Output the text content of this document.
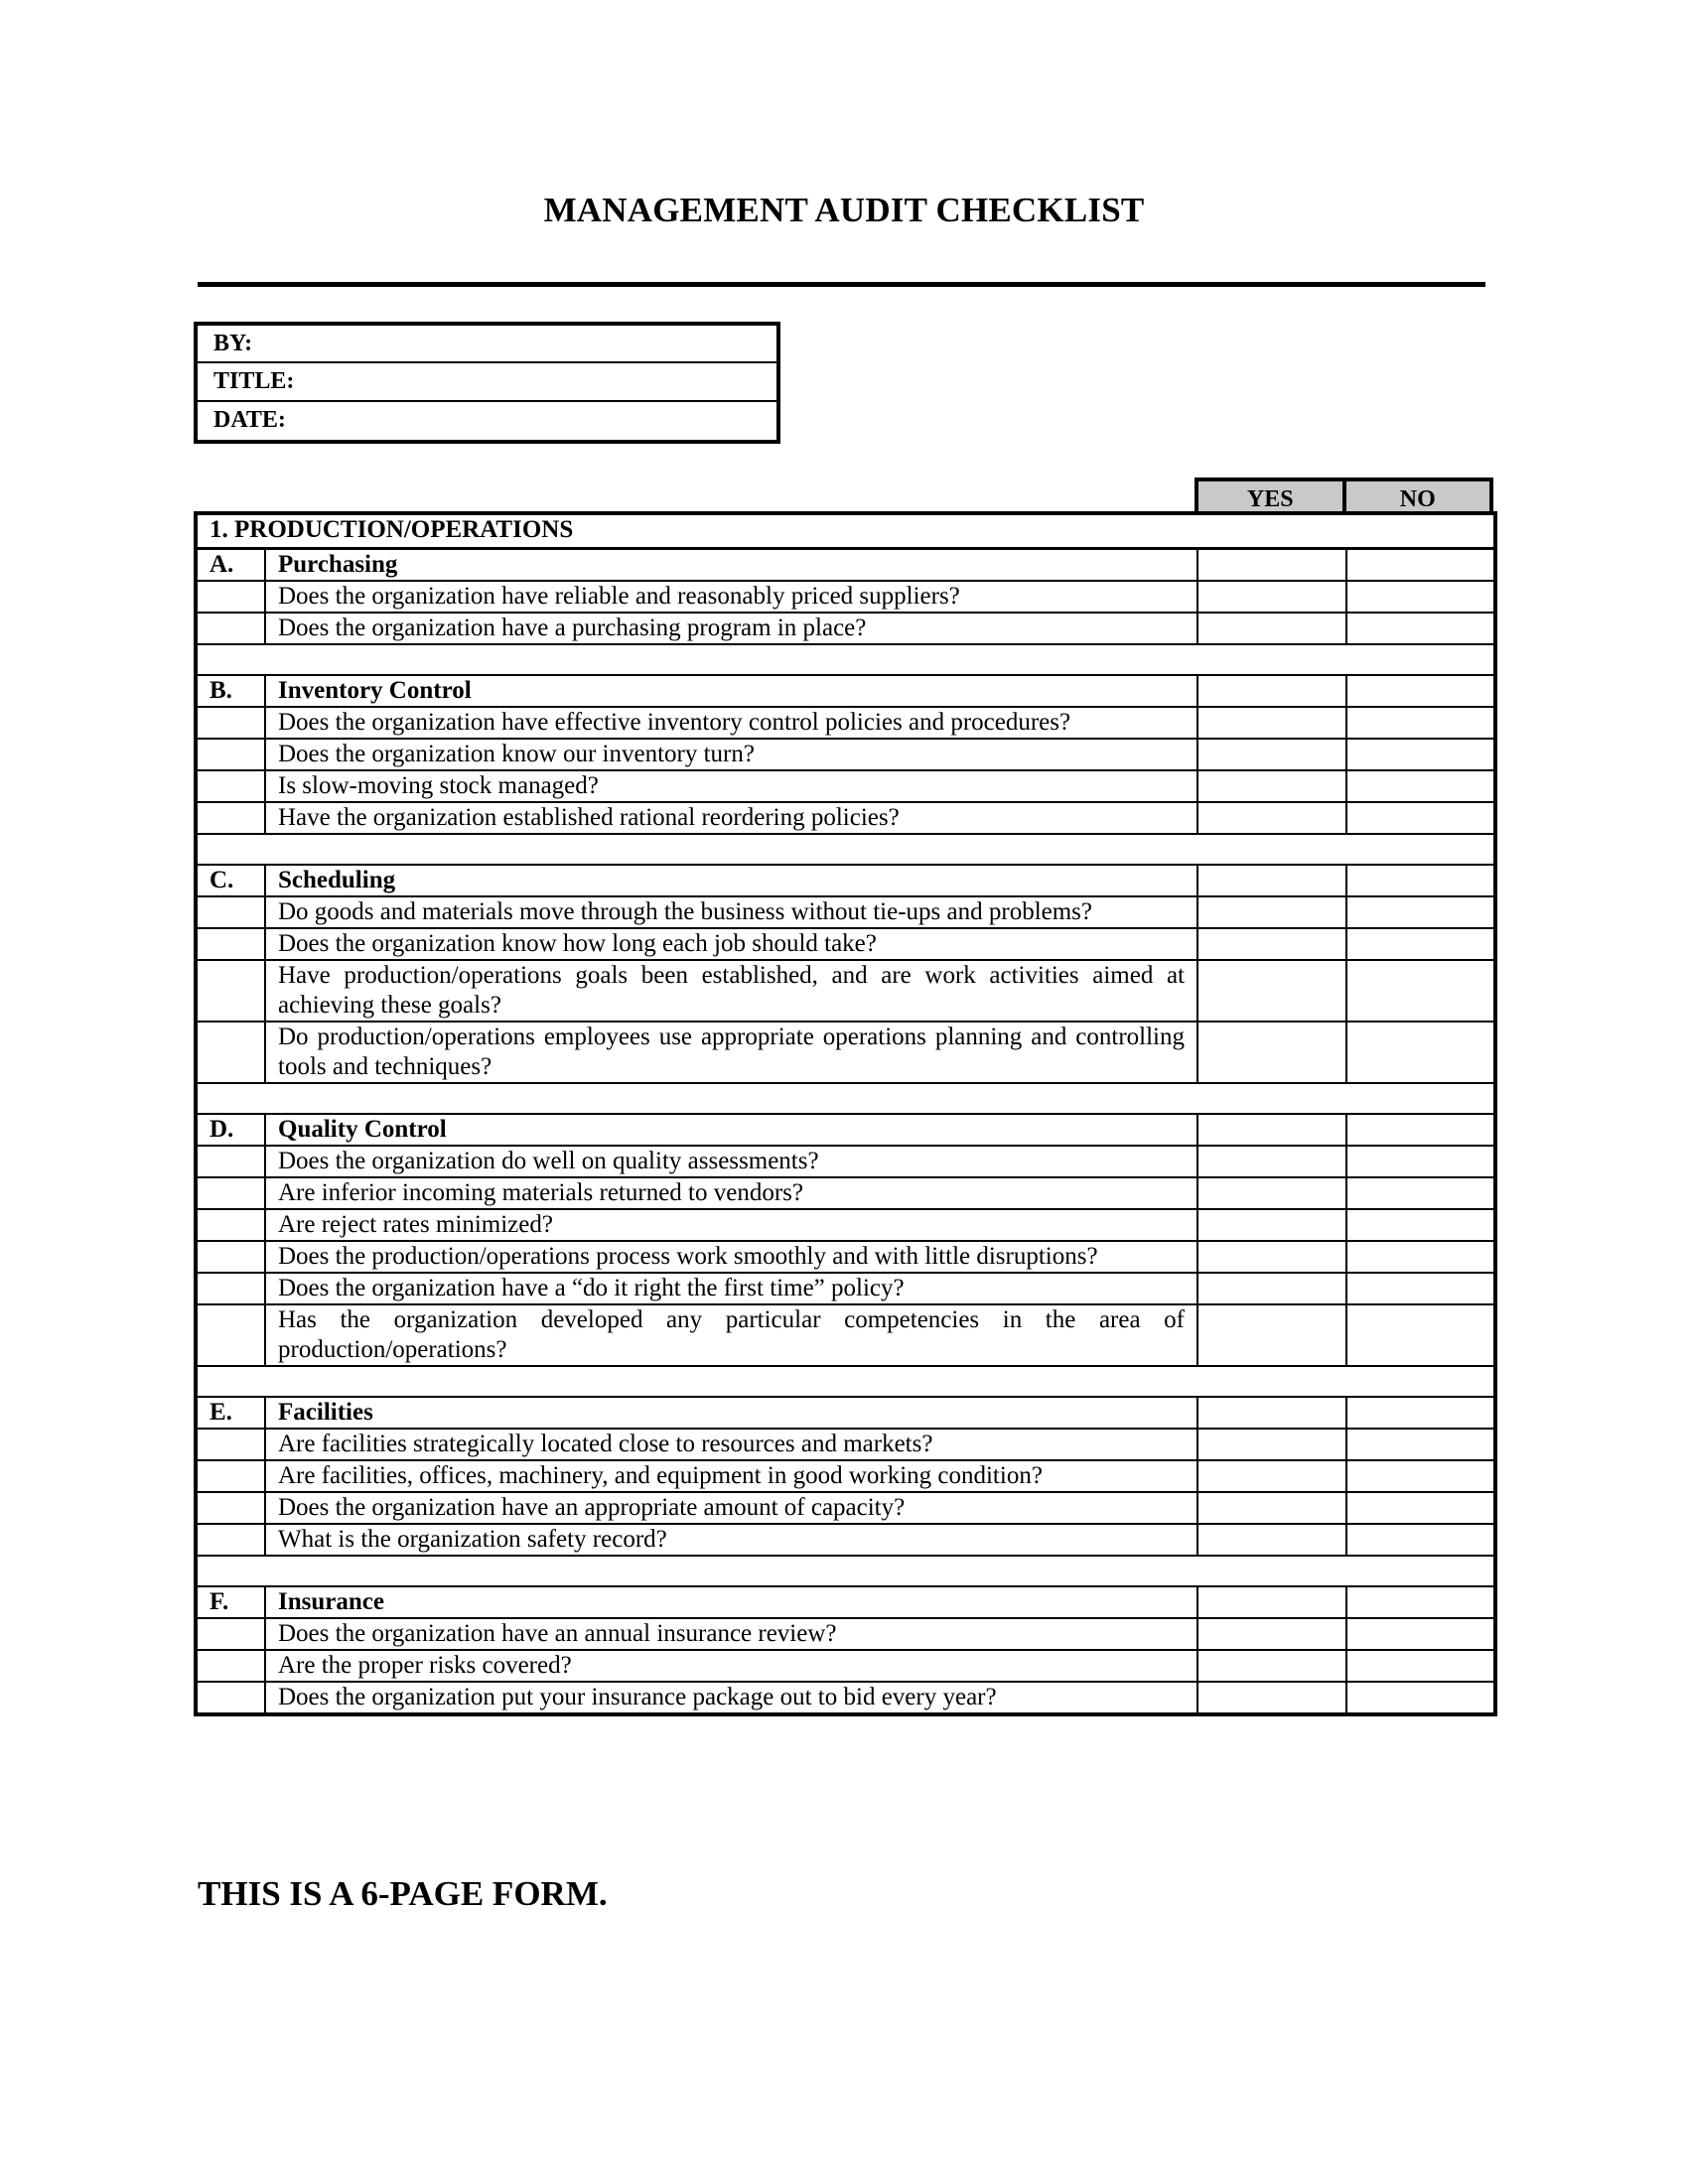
MANAGEMENT AUDIT CHECKLIST
BY:
TITLE:
DATE:
YES	NO
1. PRODUCTION/OPERATIONS			
A.	Purchasing		
	Does the organization have reliable and reasonably priced suppliers?		
	Does the organization have a purchasing program in place?		

B.	Inventory Control		
	Does the organization have effective inventory control policies and procedures?		
	Does the organization know our inventory turn?		
	Is slow-moving stock managed?		
	Have the organization established rational reordering policies?		

C.	Scheduling		
	Do goods and materials move through the business without tie-ups and problems?		
	Does the organization know how long each job should take?		
	Have production/operations goals been established, and are work activities aimed at achieving these goals?		
	Do production/operations employees use appropriate operations planning and controlling tools and techniques?		

D.	Quality Control		
	Does the organization do well on quality assessments?		
	Are inferior incoming materials returned to vendors?		
	Are reject rates minimized?		
	Does the production/operations process work smoothly and with little disruptions?		
	Does the organization have a “do it right the first time” policy?		
	Has the organization developed any particular competencies in the area of production/operations?		

E.	Facilities		
	Are facilities strategically located close to resources and markets?		
	Are facilities, offices, machinery, and equipment in good working condition?		
	Does the organization have an appropriate amount of capacity?		
	What is the organization safety record?		

F.	Insurance		
	Does the organization have an annual insurance review?		
	Are the proper risks covered?		
	Does the organization put your insurance package out to bid every year?		
THIS IS A 6-PAGE FORM.
